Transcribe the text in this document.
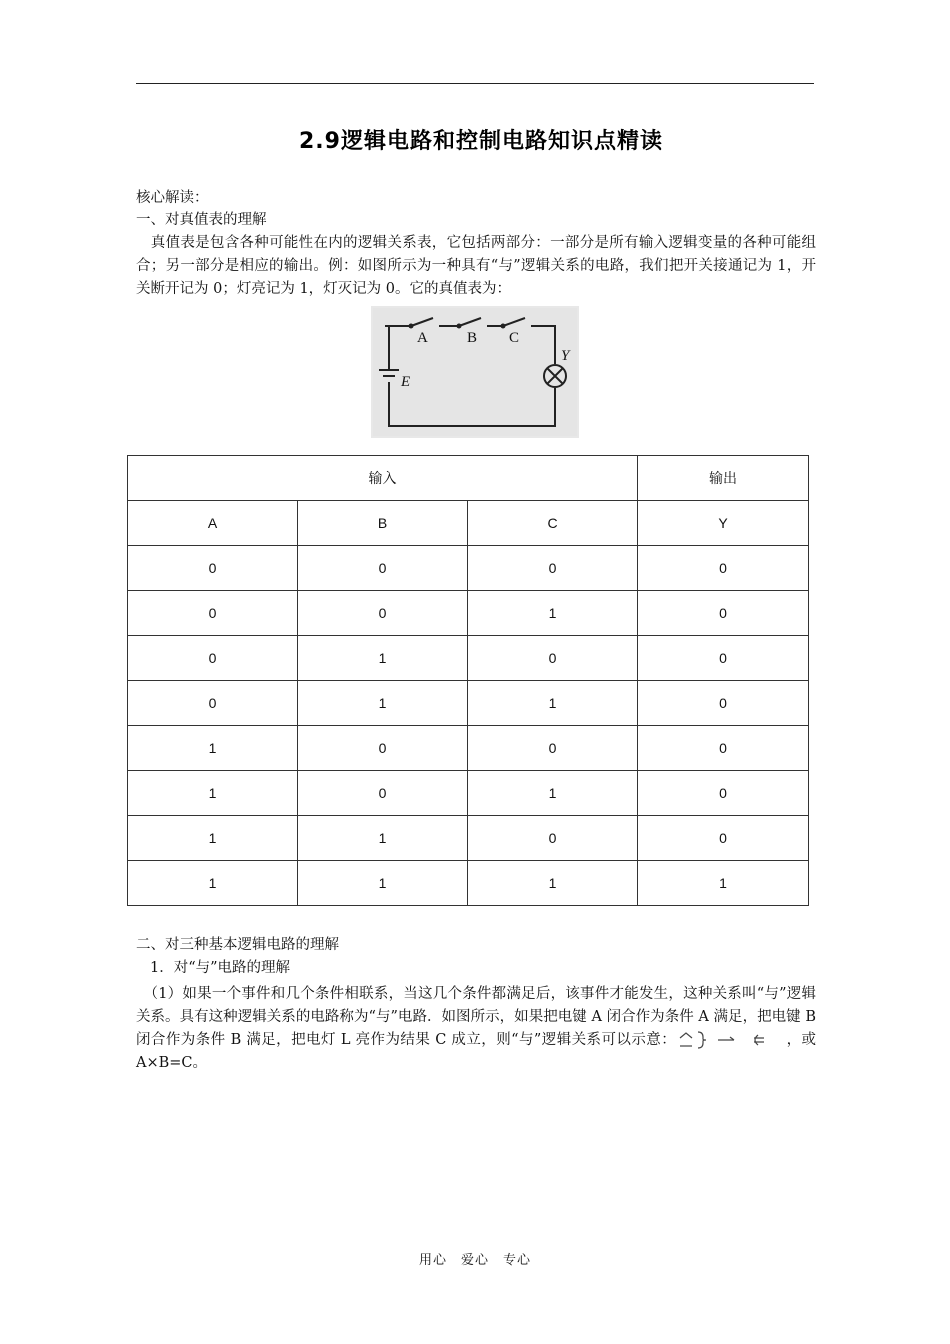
2.9逻辑电路和控制电路知识点精读
核心解读：
一、对真值表的理解
　真值表是包含各种可能性在内的逻辑关系表，它包括两部分：一部分是所有输入逻辑变量的各种可能组合；另一部分是相应的输出。例：如图所示为一种具有“与”逻辑关系的电路，我们把开关接通记为 1，开关断开记为 0；灯亮记为 1，灯灭记为 0。它的真值表为：
A	B C
E
Y
输入			输出
A	B	C	Y
0	0	0	0
0	0	1	0
0	1	0	0
0	1	1	0
1	0	0	0
1	0	1	0
1	1	0	0
1	1	1	1
二、对三种基本逻辑电路的理解
1．对“与”电路的理解
　（1）如果一个事件和几个条件相联系，当这几个条件都满足后，该事件才能发生，这种关系叫“与”逻辑关系。具有这种逻辑关系的电路称为“与”电路．如图所示，如果把电键 A 闭合作为条件 A 满足，把电键 B 闭合作为条件 B 满足，把电灯 L 亮作为结果 C 成立，则“与”逻辑关系可以示意：	，或 A×B=C。
用心　爱心　专心
